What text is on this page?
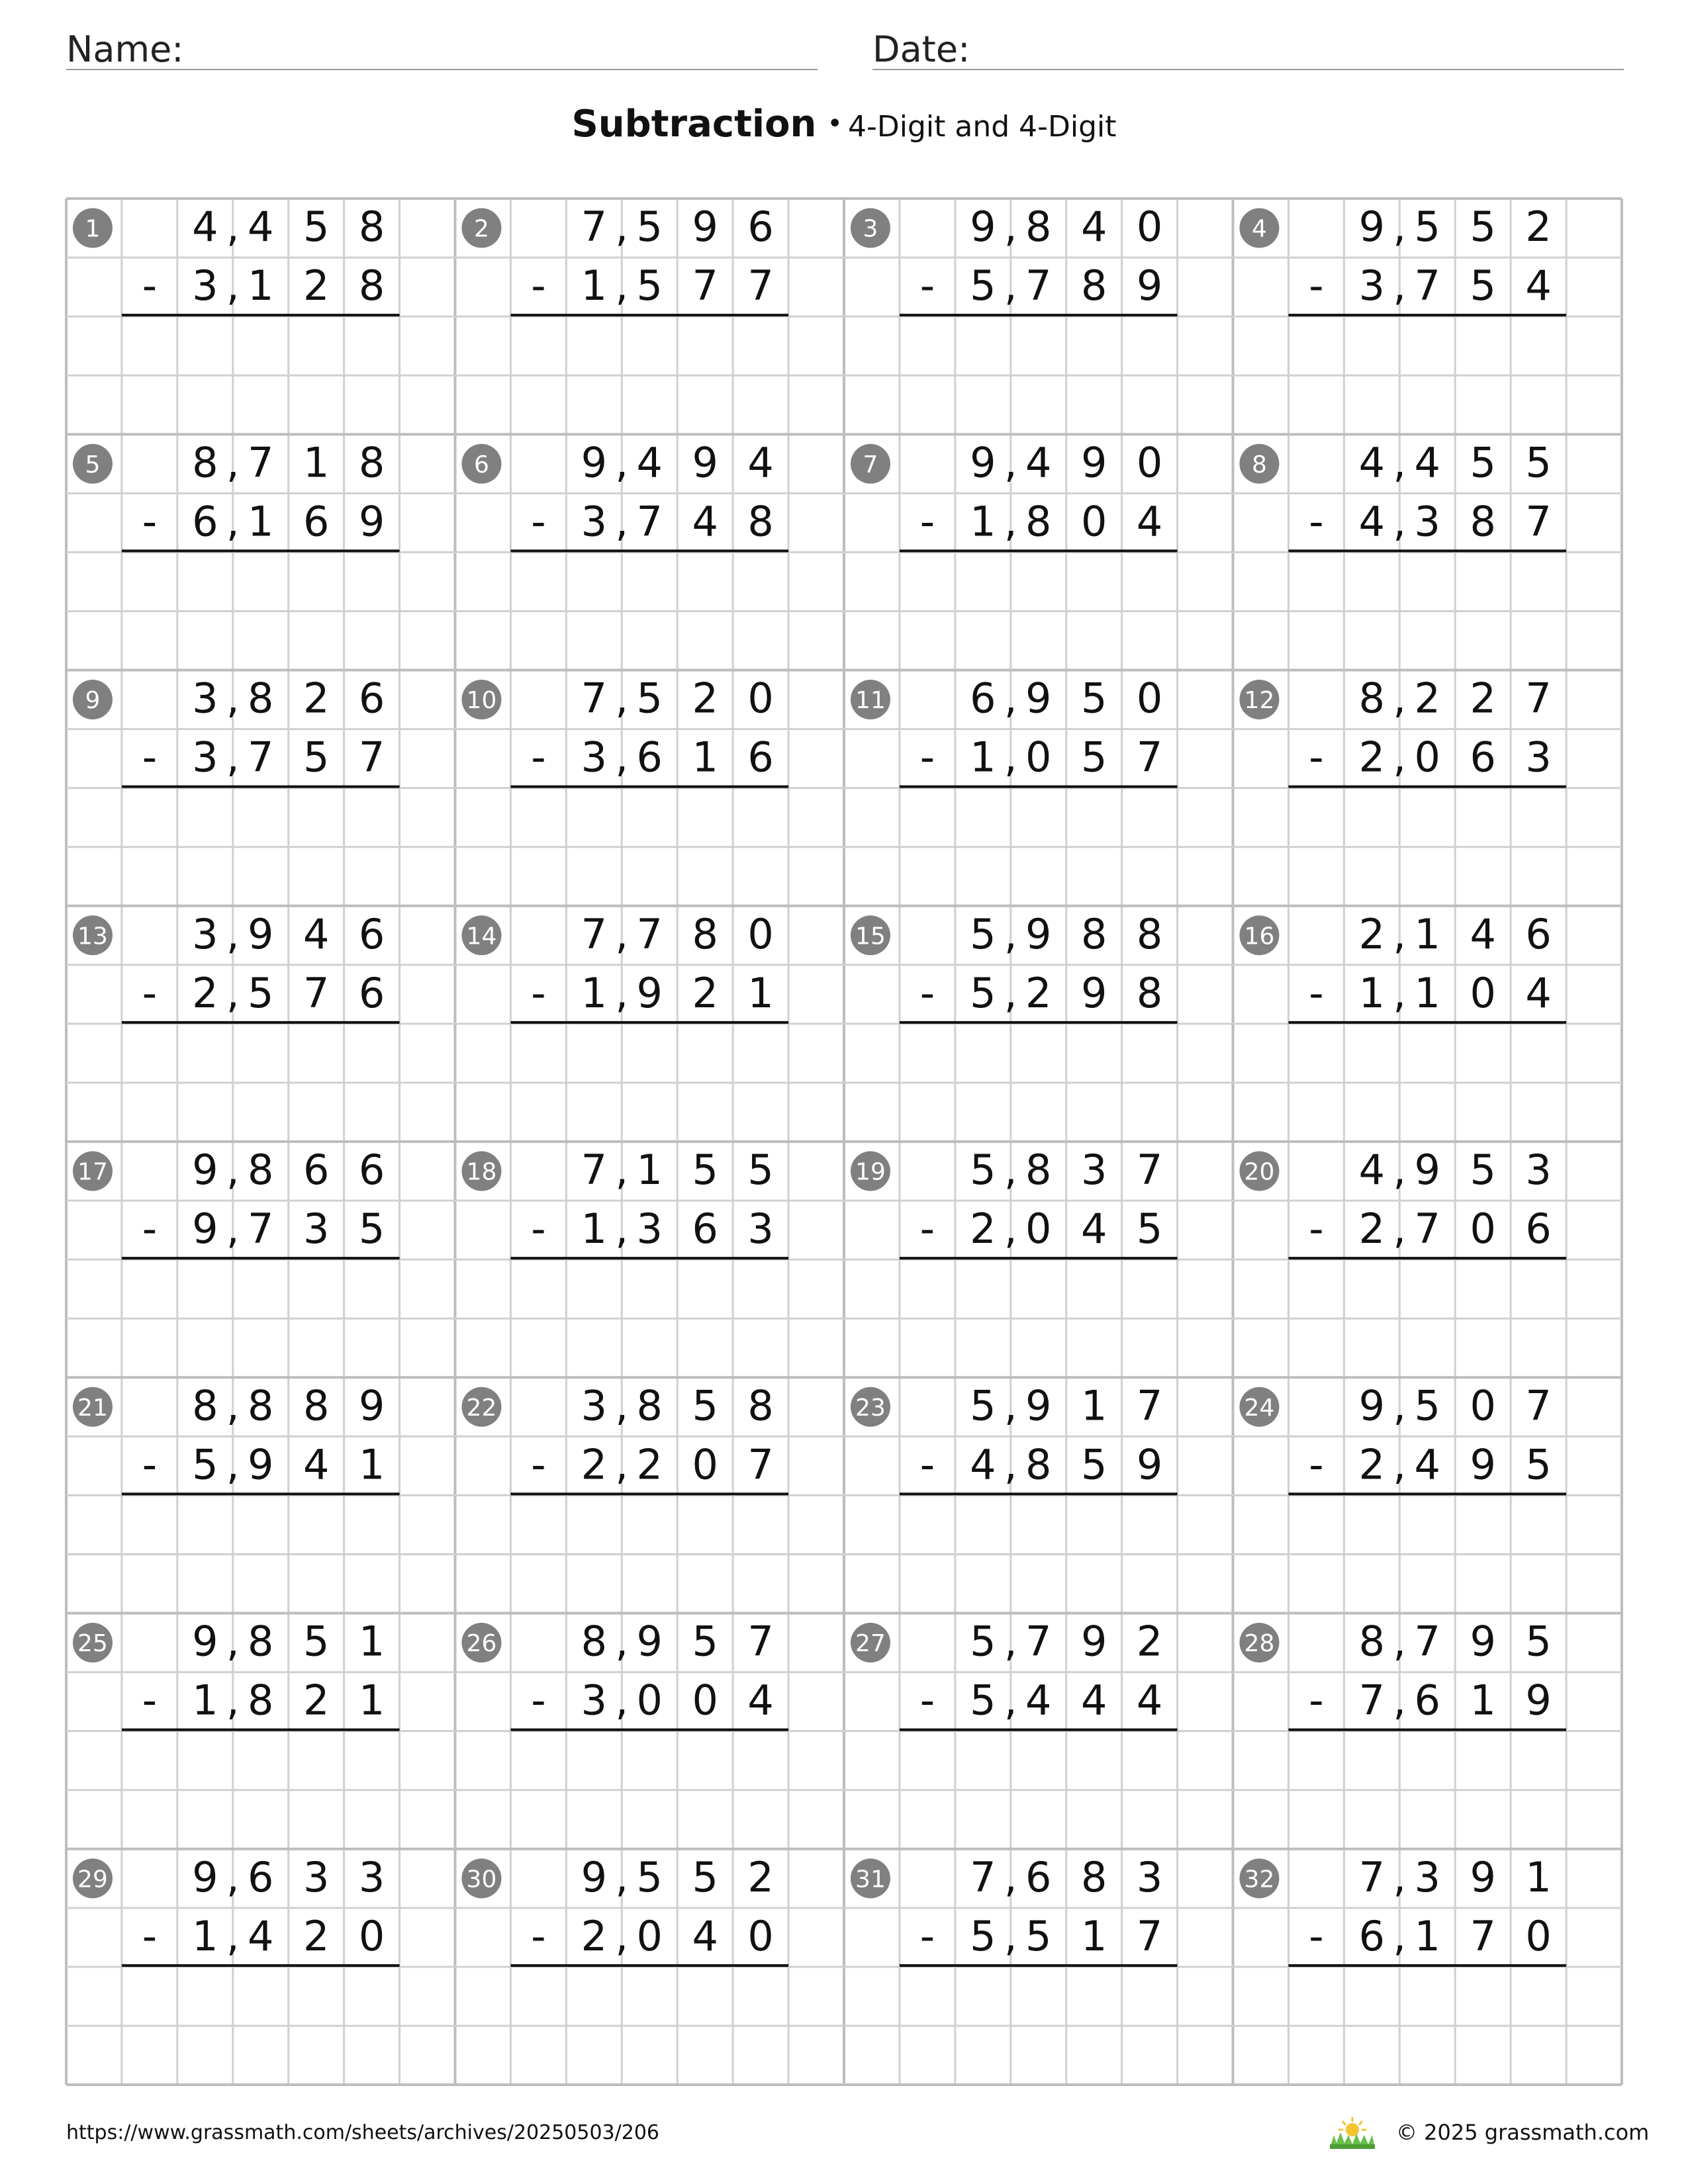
Name:	Date:
Subtraction • 4-Digit and 4-Digit
1 4 4 5 8
,
3 1 2 8
,
-
2 7 5 9 6
,
1 5 7 7
,
-
3 9 8 4 0
,
5 7 8 9
,
-
4 9 5 5 2
,
3 7 5 4
,
-
5 8 7 1 8
,
6 1 6 9
,
-
6 9 4 9 4
,
3 7 4 8
,
-
7 9 4 9 0
,
1 8 0 4
,
-
8 4 4 5 5
,
4 3 8 7
,
-
9 3 8 2 6
,
3 7 5 7
,
-
10 7 5 2 0
,
3 6 1 6
,
-
11 6 9 5 0
,
1 0 5 7
,
-
12 8 2 2 7
,
2 0 6 3
,
-
13 3 9 4 6
,
2 5 7 6
,
-
14 7 7 8 0
,
1 9 2 1
,
-
15 5 9 8 8
,
5 2 9 8
,
-
16 2 1 4 6
,
1 1 0 4
,
-
17 9 8 6 6
,
9 7 3 5
,
-
18 7 1 5 5
,
1 3 6 3
,
-
19 5 8 3 7
,
2 0 4 5
,
-
20 4 9 5 3
,
2 7 0 6
,
-
21 8 8 8 9
,
5 9 4 1
,
-
22 3 8 5 8
,
2 2 0 7
,
-
23 5 9 1 7
,
4 8 5 9
,
-
24 9 5 0 7
,
2 4 9 5
,
-
25 9 8 5 1
,
1 8 2 1
,
-
26 8 9 5 7
,
3 0 0 4
,
-
27 5 7 9 2
,
5 4 4 4
,
-
28 8 7 9 5
,
7 6 1 9
,
-
29 9 6 3 3
,
1 4 2 0
,
-
30 9 5 5 2
,
2 0 4 0
,
-
31 7 6 8 3
,
5 5 1 7
,
-
32 7 3 9 1
,
6 1 7 0
,
-
https://www.grassmath.com/sheets/archives/20250503/206	© 2025 grassmath.com
